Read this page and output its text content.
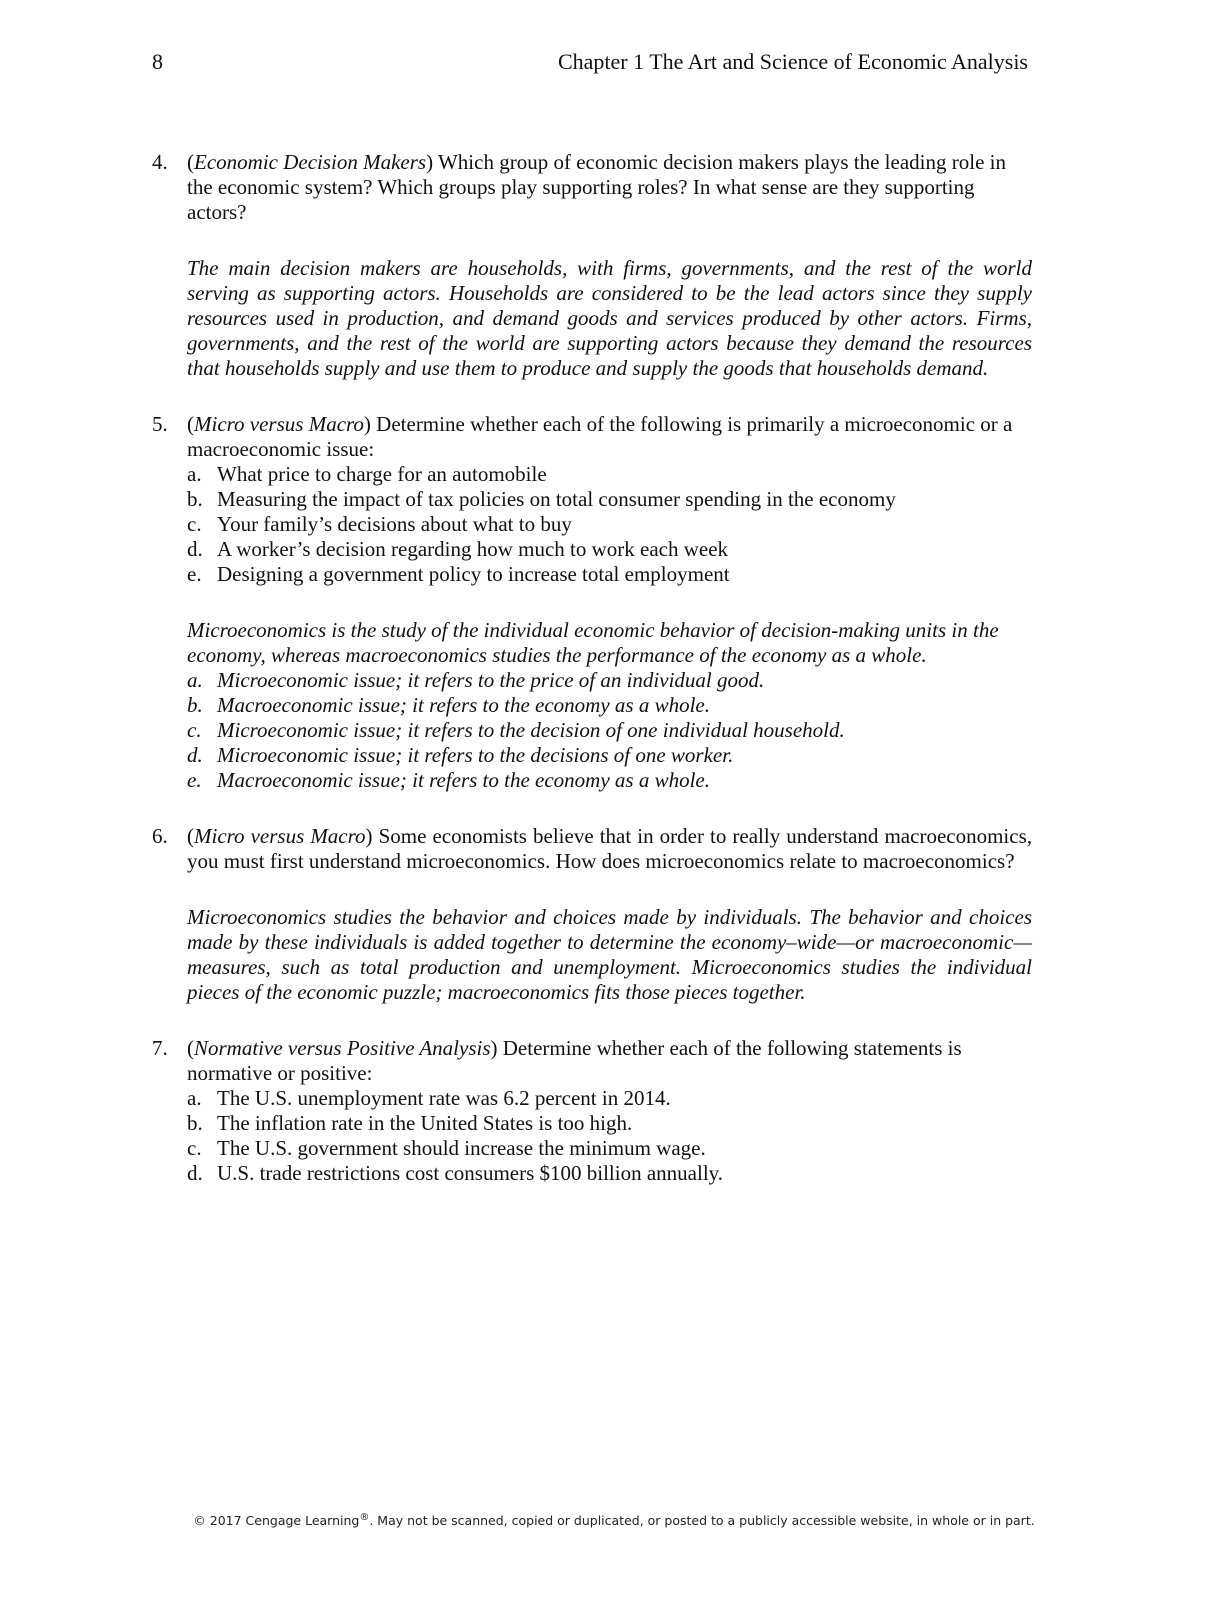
8	Chapter 1 The Art and Science of Economic Analysis
4. (Economic Decision Makers) Which group of economic decision makers plays the leading role in the economic system? Which groups play supporting roles? In what sense are they supporting actors?
The main decision makers are households, with firms, governments, and the rest of the world serving as supporting actors. Households are considered to be the lead actors since they supply resources used in production, and demand goods and services produced by other actors. Firms, governments, and the rest of the world are supporting actors because they demand the resources that households supply and use them to produce and supply the goods that households demand.
5. (Micro versus Macro) Determine whether each of the following is primarily a microeconomic or a macroeconomic issue:
a. What price to charge for an automobile
b. Measuring the impact of tax policies on total consumer spending in the economy
c. Your family’s decisions about what to buy
d. A worker’s decision regarding how much to work each week
e. Designing a government policy to increase total employment
Microeconomics is the study of the individual economic behavior of decision-making units in the economy, whereas macroeconomics studies the performance of the economy as a whole.
a. Microeconomic issue; it refers to the price of an individual good.
b. Macroeconomic issue; it refers to the economy as a whole.
c. Microeconomic issue; it refers to the decision of one individual household.
d. Microeconomic issue; it refers to the decisions of one worker.
e. Macroeconomic issue; it refers to the economy as a whole.
6. (Micro versus Macro) Some economists believe that in order to really understand macroeconomics, you must first understand microeconomics. How does microeconomics relate to macroeconomics?
Microeconomics studies the behavior and choices made by individuals. The behavior and choices made by these individuals is added together to determine the economy–wide—or macroeconomic—measures, such as total production and unemployment. Microeconomics studies the individual pieces of the economic puzzle; macroeconomics fits those pieces together.
7. (Normative versus Positive Analysis) Determine whether each of the following statements is normative or positive:
a. The U.S. unemployment rate was 6.2 percent in 2014.
b. The inflation rate in the United States is too high.
c. The U.S. government should increase the minimum wage.
d. U.S. trade restrictions cost consumers $100 billion annually.
© 2017 Cengage Learning®. May not be scanned, copied or duplicated, or posted to a publicly accessible website, in whole or in part.
